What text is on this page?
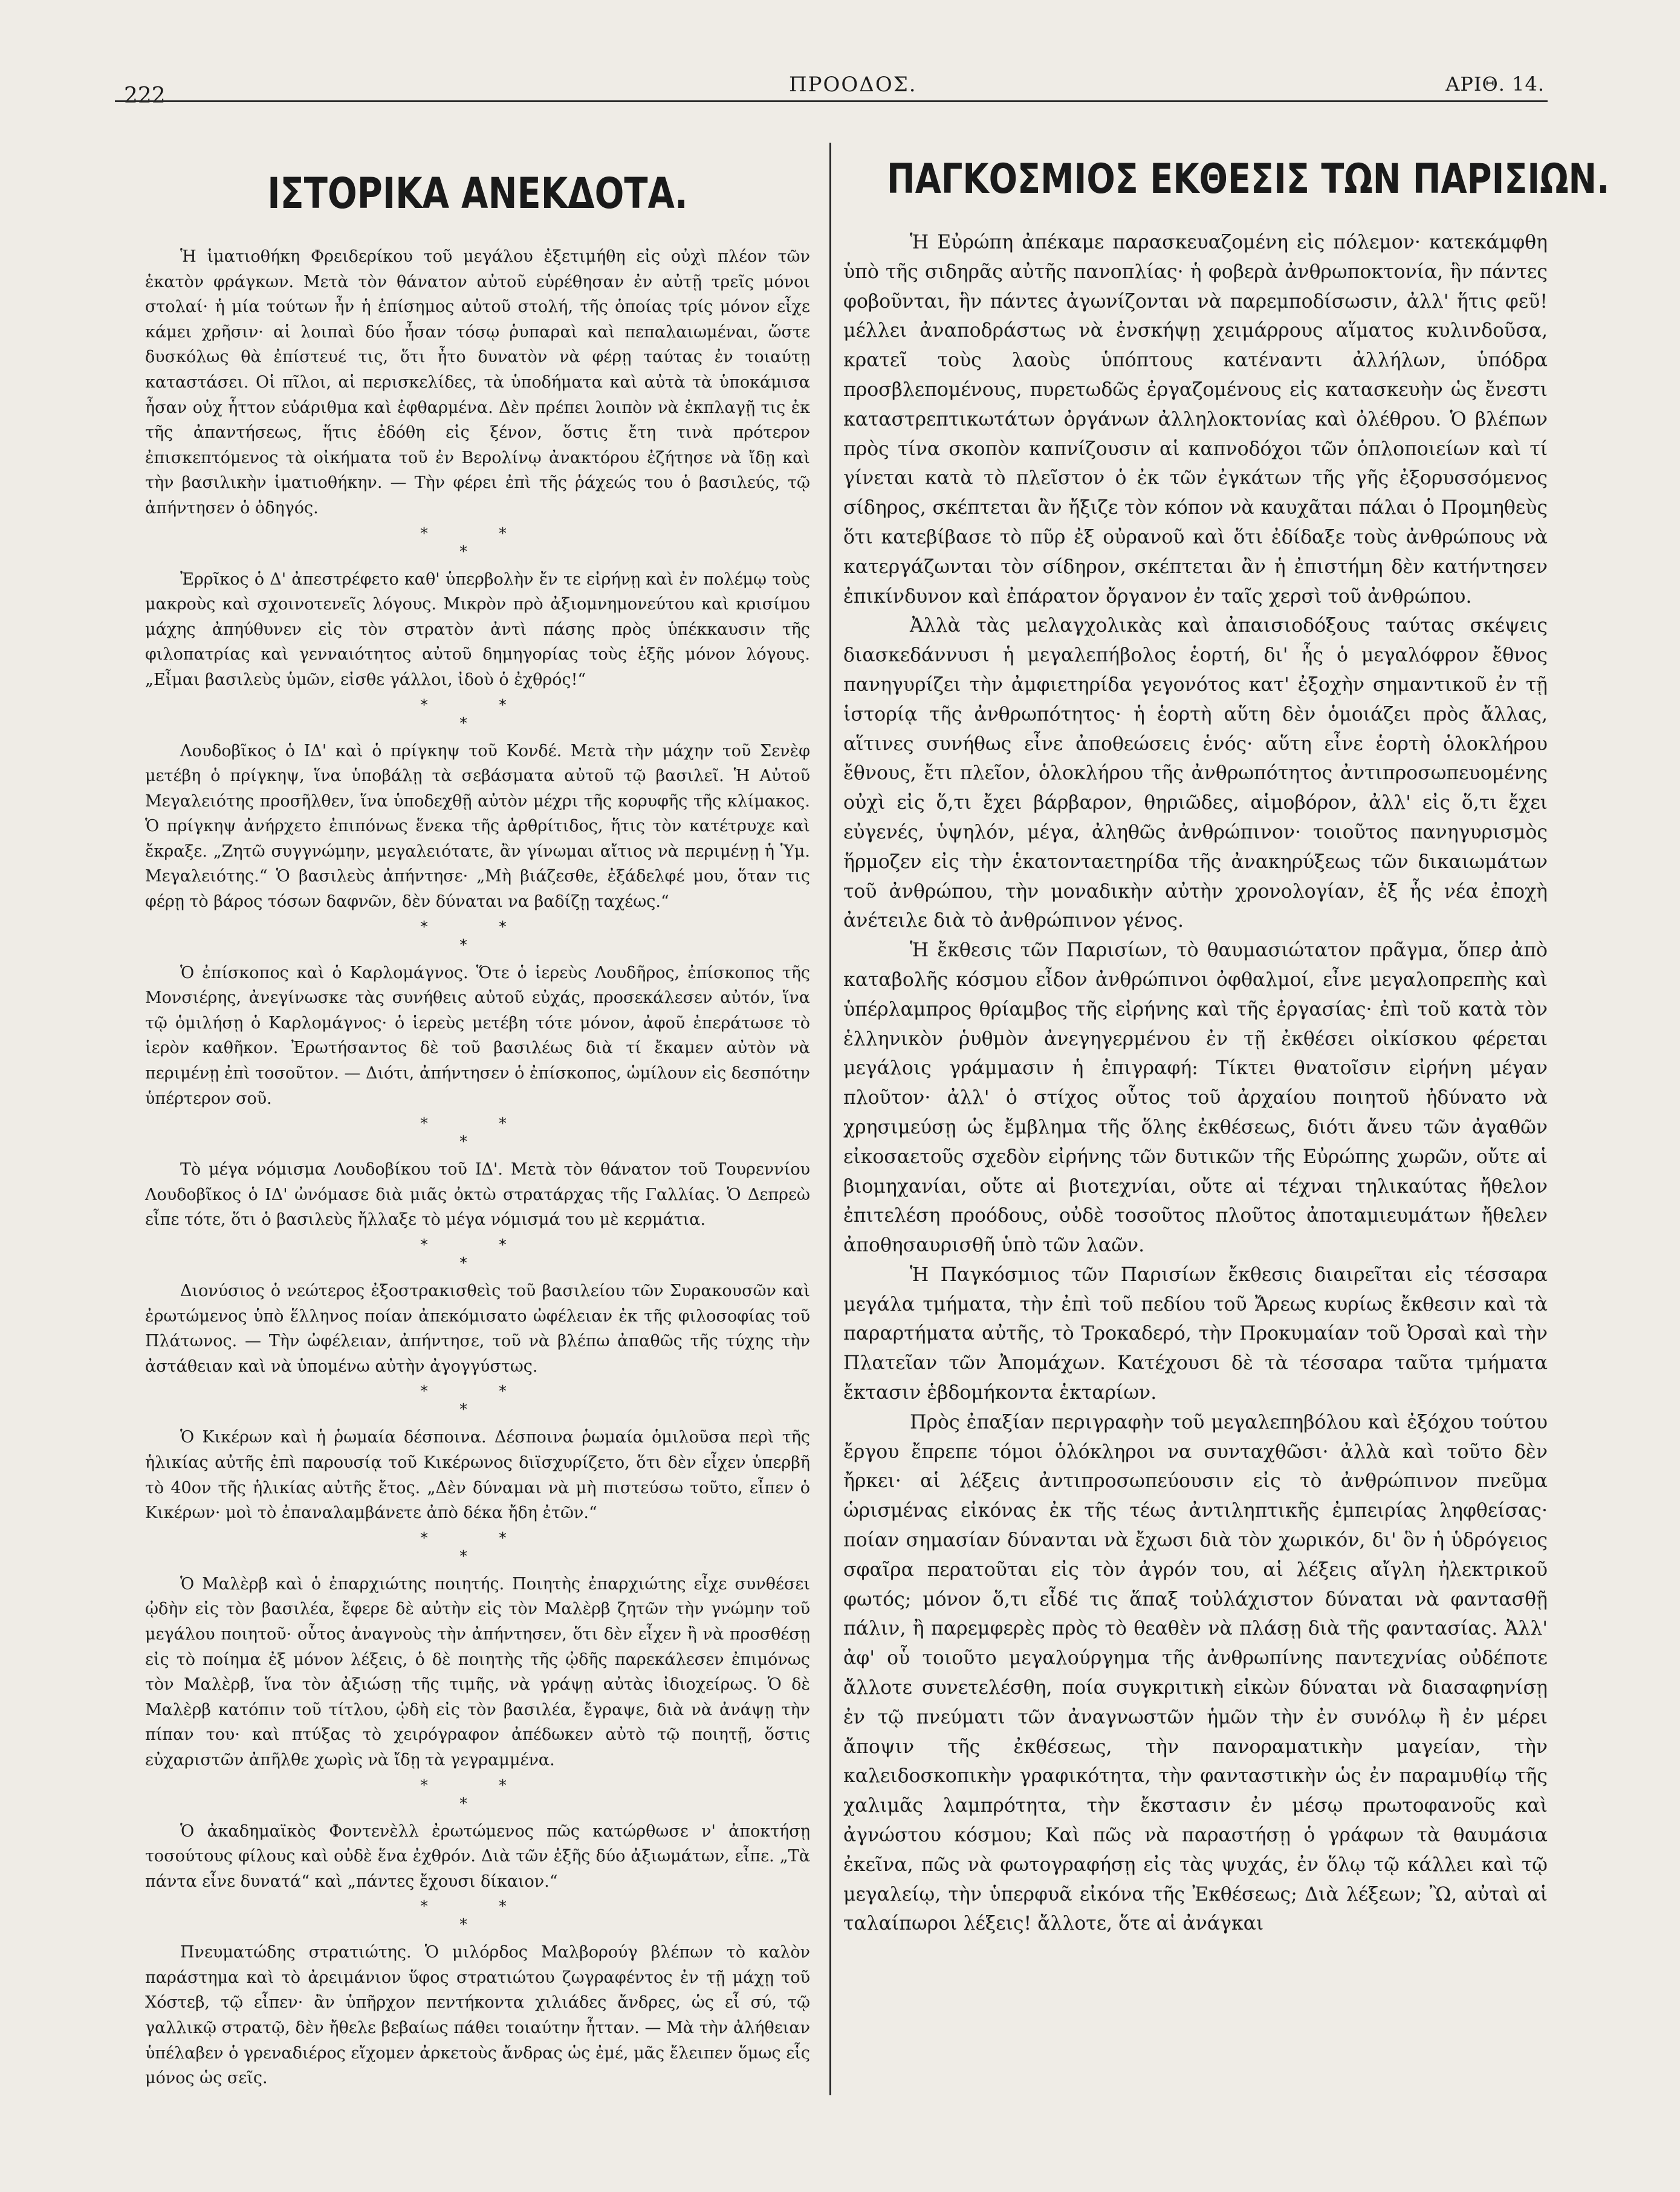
222	ΠΡΟΟΔΟΣ.	ΑΡΙΘ. 14.
ΙΣΤΟΡΙΚΑ ΑΝΕΚΔΟΤΑ.

Ἡ ἱματιοθήκη Φρειδερίκου τοῦ μεγάλου ἐξετιμήθη εἰς οὐχὶ πλέον τῶν ἑκατὸν φράγκων. Μετὰ τὸν θάνατον αὐτοῦ εὑρέθησαν ἐν αὐτῇ τρεῖς μόνοι στολαί· ἡ μία τούτων ἦν ἡ ἐπίσημος αὐτοῦ στολή, τῆς ὁποίας τρίς μόνον εἶχε κάμει χρῆσιν· αἱ λοιπαὶ δύο ἦσαν τόσῳ ῥυπαραὶ καὶ πεπαλαιωμέναι, ὥστε δυσκόλως θὰ ἐπίστευέ τις, ὅτι ἦτο δυνατὸν νὰ φέρῃ ταύτας ἐν τοιαύτῃ καταστάσει. Οἱ πῖλοι, αἱ περισκελίδες, τὰ ὑποδήματα καὶ αὐτὰ τὰ ὑποκάμισα ἦσαν οὐχ ἧττον εὐάριθμα καὶ ἐφθαρμένα. Δὲν πρέπει λοιπὸν νὰ ἐκπλαγῇ τις ἐκ τῆς ἀπαντήσεως, ἥτις ἐδόθη εἰς ξένον, ὅστις ἔτη τινὰ πρότερον ἐπισκεπτόμενος τὰ οἰκήματα τοῦ ἐν Βερολίνῳ ἀνακτόρου ἐζήτησε νὰ ἴδῃ καὶ τὴν βασιλικὴν ἱματιοθήκην. — Τὴν φέρει ἐπὶ τῆς ῥάχεώς του ὁ βασιλεύς, τῷ ἀπήντησεν ὁ ὁδηγός.

*
*
*

Ἐρρῖκος ὁ Δ' ἀπεστρέφετο καθ' ὑπερβολὴν ἔν τε εἰρήνῃ καὶ ἐν πολέμῳ τοὺς μακροὺς καὶ σχοινοτενεῖς λόγους. Μικρὸν πρὸ ἀξιομνημονεύτου καὶ κρισίμου μάχης ἀπηύθυνεν εἰς τὸν στρατὸν ἀντὶ πάσης πρὸς ὑπέκκαυσιν τῆς φιλοπατρίας καὶ γενναιότητος αὐτοῦ δημηγορίας τοὺς ἑξῆς μόνον λόγους. „Εἶμαι βασιλεὺς ὑμῶν, εἰσθε γάλλοι, ἰδοὺ ὁ ἐχθρός!“

*
*
*

Λουδοβῖκος ὁ ΙΔ' καὶ ὁ πρίγκηψ τοῦ Κονδέ. Μετὰ τὴν μάχην τοῦ Σενὲφ μετέβη ὁ πρίγκηψ, ἵνα ὑποβάλῃ τὰ σεβάσματα αὐτοῦ τῷ βασιλεῖ. Ἡ Αὐτοῦ Μεγαλειότης προσῆλθεν, ἵνα ὑποδεχθῇ αὐτὸν μέχρι τῆς κορυφῆς τῆς κλίμακος. Ὁ πρίγκηψ ἀνήρχετο ἐπιπόνως ἕνεκα τῆς ἀρθρίτιδος, ἥτις τὸν κατέτρυχε καὶ ἔκραξε. „Ζητῶ συγγνώμην, μεγαλειότατε, ἂν γίνωμαι αἴτιος νὰ περιμένῃ ἡ Ὑμ. Μεγαλειότης.“ Ὁ βασιλεὺς ἀπήντησε· „Μὴ βιάζεσθε, ἐξάδελφέ μου, ὅταν τις φέρῃ τὸ βάρος τόσων δαφνῶν, δὲν δύναται να βαδίζῃ ταχέως.“

*
*
*

Ὁ ἐπίσκοπος καὶ ὁ Καρλομάγνος. Ὅτε ὁ ἱερεὺς Λουδῆρος, ἐπίσκοπος τῆς Μονσιέρης, ἀνεγίνωσκε τὰς συνήθεις αὐτοῦ εὐχάς, προσεκάλεσεν αὐτόν, ἵνα τῷ ὁμιλήσῃ ὁ Καρλομάγνος· ὁ ἱερεὺς μετέβη τότε μόνον, ἀφοῦ ἐπεράτωσε τὸ ἱερὸν καθῆκον. Ἐρωτήσαντος δὲ τοῦ βασιλέως διὰ τί ἔκαμεν αὐτὸν νὰ περιμένῃ ἐπὶ τοσοῦτον. — Διότι, ἀπήντησεν ὁ ἐπίσκοπος, ὡμίλουν εἰς δεσπότην ὑπέρτερον σοῦ.

*
*
*

Τὸ μέγα νόμισμα Λουδοβίκου τοῦ ΙΔ'. Μετὰ τὸν θάνατον τοῦ Τουρεννίου Λουδοβῖκος ὁ ΙΔ' ὠνόμασε διὰ μιᾶς ὀκτὼ στρατάρχας τῆς Γαλλίας. Ὁ Δεπρεὼ εἶπε τότε, ὅτι ὁ βασιλεὺς ἤλλαξε τὸ μέγα νόμισμά του μὲ κερμάτια.

*
*
*

Διονύσιος ὁ νεώτερος ἐξοστρακισθεὶς τοῦ βασιλείου τῶν Συρακουσῶν καὶ ἐρωτώμενος ὑπὸ ἕλληνος ποίαν ἀπεκόμισατο ὠφέλειαν ἐκ τῆς φιλοσοφίας τοῦ Πλάτωνος. — Τὴν ὠφέλειαν, ἀπήντησε, τοῦ νὰ βλέπω ἀπαθῶς τῆς τύχης τὴν ἀστάθειαν καὶ νὰ ὑπομένω αὐτὴν ἀγογγύστως.

*
*
*

Ὁ Κικέρων καὶ ἡ ῥωμαία δέσποινα. Δέσποινα ῥωμαία ὁμιλοῦσα περὶ τῆς ἡλικίας αὐτῆς ἐπὶ παρουσίᾳ τοῦ Κικέρωνος διϊσχυρίζετο, ὅτι δὲν εἶχεν ὑπερβῆ τὸ 40ον τῆς ἡλικίας αὐτῆς ἔτος. „Δὲν δύναμαι νὰ μὴ πιστεύσω τοῦτο, εἶπεν ὁ Κικέρων· μοὶ τὸ ἐπαναλαμβάνετε ἀπὸ δέκα ἤδη ἐτῶν.“

*
*
*

Ὁ Μαλὲρβ καὶ ὁ ἐπαρχιώτης ποιητής. Ποιητὴς ἐπαρχιώτης εἶχε συνθέσει ᾠδὴν εἰς τὸν βασιλέα, ἔφερε δὲ αὐτὴν εἰς τὸν Μαλὲρβ ζητῶν τὴν γνώμην τοῦ μεγάλου ποιητοῦ· οὗτος ἀναγνοὺς τὴν ἀπήντησεν, ὅτι δὲν εἶχεν ἢ νὰ προσθέσῃ εἰς τὸ ποίημα ἐξ μόνον λέξεις, ὁ δὲ ποιητὴς τῆς ᾠδῆς παρεκάλεσεν ἐπιμόνως τὸν Μαλὲρβ, ἵνα τὸν ἀξιώσῃ τῆς τιμῆς, νὰ γράψῃ αὐτὰς ἰδιοχείρως. Ὁ δὲ Μαλὲρβ κατόπιν τοῦ τίτλου, ᾠδὴ εἰς τὸν βασιλέα, ἔγραψε, διὰ νὰ ἀνάψῃ τὴν πίπαν του· καὶ πτύξας τὸ χειρόγραφον ἀπέδωκεν αὐτὸ τῷ ποιητῇ, ὅστις εὐχαριστῶν ἀπῆλθε χωρὶς νὰ ἴδῃ τὰ γεγραμμένα.

*
*
*

Ὁ ἀκαδημαϊκὸς Φοντενὲλλ ἐρωτώμενος πῶς κατώρθωσε ν' ἀποκτήσῃ τοσούτους φίλους καὶ οὐδὲ ἕνα ἐχθρόν. Διὰ τῶν ἑξῆς δύο ἀξιωμάτων, εἶπε. „Τὰ πάντα εἶνε δυνατά“ καὶ „πάντες ἔχουσι δίκαιον.“

*
*
*

Πνευματώδης στρατιώτης. Ὁ μιλόρδος Μαλβορούγ βλέπων τὸ καλὸν παράστημα καὶ τὸ ἀρειμάνιον ὕφος στρατιώτου ζωγραφέντος ἐν τῇ μάχῃ τοῦ Χόστεβ, τῷ εἶπεν· ἂν ὑπῆρχον πεντήκοντα χιλιάδες ἄνδρες, ὡς εἶ σύ, τῷ γαλλικῷ στρατῷ, δὲν ἤθελε βεβαίως πάθει τοιαύτην ἧτταν. — Μὰ τὴν ἀλήθειαν ὑπέλαβεν ὁ γρεναδιέρος εἴχομεν ἀρκετοὺς ἄνδρας ὡς ἐμέ, μᾶς ἔλειπεν ὅμως εἷς μόνος ὡς σεῖς.

ΠΑΓΚΟΣΜΙΟΣ ΕΚΘΕΣΙΣ ΤΩΝ ΠΑΡΙΣΙΩΝ.

Ἡ Εὐρώπη ἀπέκαμε παρασκευαζομένη εἰς πόλεμον· κατεκάμφθη ὑπὸ τῆς σιδηρᾶς αὐτῆς πανοπλίας· ἡ φοβερὰ ἀνθρωποκτονία, ἣν πάντες φοβοῦνται, ἣν πάντες ἀγωνίζονται νὰ παρεμποδίσωσιν, ἀλλ' ἥτις φεῦ! μέλλει ἀναποδράστως νὰ ἐνσκήψῃ χειμάρρους αἵματος κυλινδοῦσα, κρατεῖ τοὺς λαοὺς ὑπόπτους κατέναντι ἀλλήλων, ὑπόδρα προσβλεπομένους, πυρετωδῶς ἐργαζομένους εἰς κατασκευὴν ὡς ἔνεστι καταστρεπτικωτάτων ὀργάνων ἀλληλοκτονίας καὶ ὀλέθρου. Ὁ βλέπων πρὸς τίνα σκοπὸν καπνίζουσιν αἱ καπνοδόχοι τῶν ὁπλοποιείων καὶ τί γίνεται κατὰ τὸ πλεῖστον ὁ ἐκ τῶν ἐγκάτων τῆς γῆς ἐξορυσσόμενος σίδηρος, σκέπτεται ἂν ἤξιζε τὸν κόπον νὰ καυχᾶται πάλαι ὁ Προμηθεὺς ὅτι κατεβίβασε τὸ πῦρ ἐξ οὐρανοῦ καὶ ὅτι ἐδίδαξε τοὺς ἀνθρώπους νὰ κατεργάζωνται τὸν σίδηρον, σκέπτεται ἂν ἡ ἐπιστήμη δὲν κατήντησεν ἐπικίνδυνον καὶ ἐπάρατον ὄργανον ἐν ταῖς χερσὶ τοῦ ἀνθρώπου.

Ἀλλὰ τὰς μελαγχολικὰς καὶ ἀπαισιοδόξους ταύτας σκέψεις διασκεδάννυσι ἡ μεγαλεπήβολος ἑορτή, δι' ἧς ὁ μεγαλόφρον ἔθνος πανηγυρίζει τὴν ἀμφιετηρίδα γεγονότος κατ' ἐξοχὴν σημαντικοῦ ἐν τῇ ἱστορίᾳ τῆς ἀνθρωπότητος· ἡ ἑορτὴ αὕτη δὲν ὁμοιάζει πρὸς ἄλλας, αἵτινες συνήθως εἶνε ἀποθεώσεις ἑνός· αὕτη εἶνε ἑορτὴ ὁλοκλήρου ἔθνους, ἔτι πλεῖον, ὁλοκλήρου τῆς ἀνθρωπότητος ἀντιπροσωπευομένης οὐχὶ εἰς ὅ,τι ἔχει βάρβαρον, θηριῶδες, αἱμοβόρον, ἀλλ' εἰς ὅ,τι ἔχει εὐγενές, ὑψηλόν, μέγα, ἀληθῶς ἀνθρώπινον· τοιοῦτος πανηγυρισμὸς ἥρμοζεν εἰς τὴν ἑκατονταετηρίδα τῆς ἀνακηρύξεως τῶν δικαιωμάτων τοῦ ἀνθρώπου, τὴν μοναδικὴν αὐτὴν χρονολογίαν, ἐξ ἧς νέα ἐποχὴ ἀνέτειλε διὰ τὸ ἀνθρώπινον γένος.

Ἡ ἔκθεσις τῶν Παρισίων, τὸ θαυμασιώτατον πρᾶγμα, ὅπερ ἀπὸ καταβολῆς κόσμου εἶδον ἀνθρώπινοι ὀφθαλμοί, εἶνε μεγαλοπρεπὴς καὶ ὑπέρλαμπρος θρίαμβος τῆς εἰρήνης καὶ τῆς ἐργασίας· ἐπὶ τοῦ κατὰ τὸν ἑλληνικὸν ῥυθμὸν ἀνεγηγερμένου ἐν τῇ ἐκθέσει οἰκίσκου φέρεται μεγάλοις γράμμασιν ἡ ἐπιγραφή: Τίκτει θνατοῖσιν εἰρήνη μέγαν πλοῦτον· ἀλλ' ὁ στίχος οὗτος τοῦ ἀρχαίου ποιητοῦ ἠδύνατο νὰ χρησιμεύσῃ ὡς ἔμβλημα τῆς ὅλης ἐκθέσεως, διότι ἄνευ τῶν ἀγαθῶν εἰκοσαετοῦς σχεδὸν εἰρήνης τῶν δυτικῶν τῆς Εὐρώπης χωρῶν, οὔτε αἱ βιομηχανίαι, οὔτε αἱ βιοτεχνίαι, οὔτε αἱ τέχναι τηλικαύτας ἤθελον ἐπιτελέση προόδους, οὐδὲ τοσοῦτος πλοῦτος ἀποταμιευμάτων ἤθελεν ἀποθησαυρισθῆ ὑπὸ τῶν λαῶν.

Ἡ Παγκόσμιος τῶν Παρισίων ἔκθεσις διαιρεῖται εἰς τέσσαρα μεγάλα τμήματα, τὴν ἐπὶ τοῦ πεδίου τοῦ Ἄρεως κυρίως ἔκθεσιν καὶ τὰ παραρτήματα αὐτῆς, τὸ Τροκαδερό, τὴν Προκυμαίαν τοῦ Ὀρσαὶ καὶ τὴν Πλατεῖαν τῶν Ἀπομάχων. Κατέχουσι δὲ τὰ τέσσαρα ταῦτα τμήματα ἔκτασιν ἑβδομήκοντα ἑκταρίων.

Πρὸς ἐπαξίαν περιγραφὴν τοῦ μεγαλεπηβόλου καὶ ἐξόχου τούτου ἔργου ἔπρεπε τόμοι ὁλόκληροι να συνταχθῶσι· ἀλλὰ καὶ τοῦτο δὲν ἤρκει· αἱ λέξεις ἀντιπροσωπεύουσιν εἰς τὸ ἀνθρώπινον πνεῦμα ὡρισμένας εἰκόνας ἐκ τῆς τέως ἀντιληπτικῆς ἐμπειρίας ληφθείσας· ποίαν σημασίαν δύνανται νὰ ἔχωσι διὰ τὸν χωρικόν, δι' ὃν ἡ ὑδρόγειος σφαῖρα περατοῦται εἰς τὸν ἀγρόν του, αἱ λέξεις αἴγλη ἠλεκτρικοῦ φωτός; μόνον ὅ,τι εἶδέ τις ἅπαξ τοὐλάχιστον δύναται νὰ φαντασθῇ πάλιν, ἢ παρεμφερὲς πρὸς τὸ θεαθὲν νὰ πλάσῃ διὰ τῆς φαντασίας. Ἀλλ' ἀφ' οὗ τοιοῦτο μεγαλούργημα τῆς ἀνθρωπίνης παντεχνίας οὐδέποτε ἄλλοτε συνετελέσθη, ποία συγκριτικὴ εἰκὼν δύναται νὰ διασαφηνίσῃ ἐν τῷ πνεύματι τῶν ἀναγνωστῶν ἡμῶν τὴν ἐν συνόλῳ ἢ ἐν μέρει ἄποψιν τῆς ἐκθέσεως, τὴν πανοραματικὴν μαγείαν, τὴν καλειδοσκοπικὴν γραφικότητα, τὴν φανταστικὴν ὡς ἐν παραμυθίῳ τῆς χαλιμᾶς λαμπρότητα, τὴν ἔκστασιν ἐν μέσῳ πρωτοφανοῦς καὶ ἀγνώστου κόσμου; Καὶ πῶς νὰ παραστήσῃ ὁ γράφων τὰ θαυμάσια ἐκεῖνα, πῶς νὰ φωτογραφήσῃ εἰς τὰς ψυχάς, ἐν ὅλῳ τῷ κάλλει καὶ τῷ μεγαλείῳ, τὴν ὑπερφυᾶ εἰκόνα τῆς Ἐκθέσεως; Διὰ λέξεων; Ὢ, αὐταὶ αἱ ταλαίπωροι λέξεις! ἄλλοτε, ὅτε αἱ ἀνάγκαι
